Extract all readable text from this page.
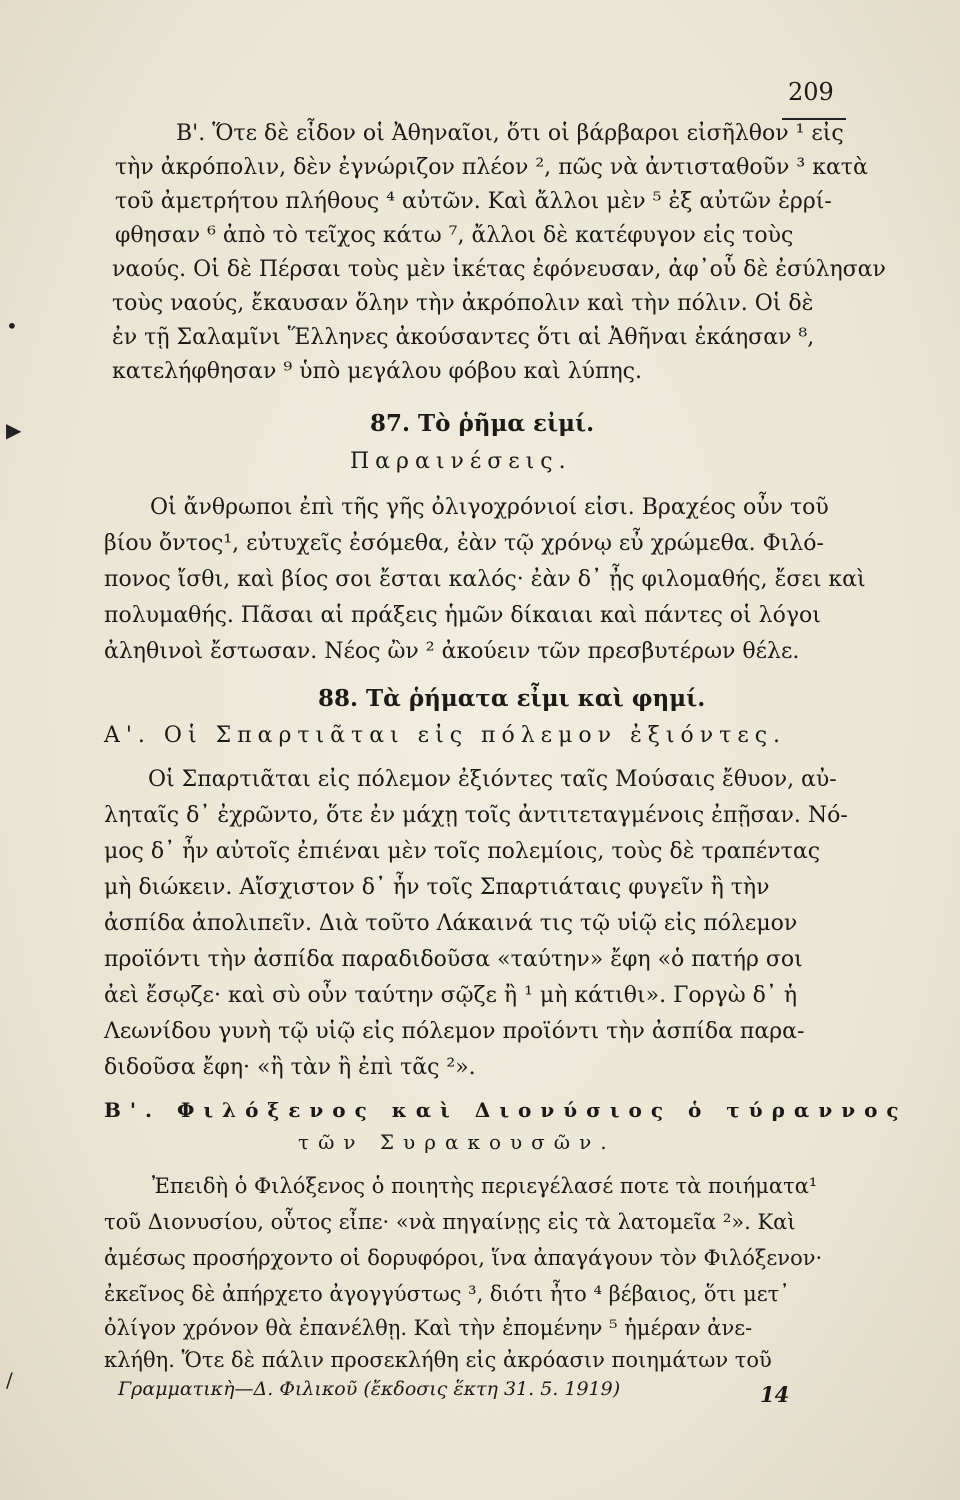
209
Β'. Ὅτε δὲ εἶδον οἱ Ἀθηναῖοι, ὅτι οἱ βάρβαροι εἰσῆλθον ¹ εἰς
τὴν ἀκρόπολιν, δὲν ἐγνώριζον πλέον ², πῶς νὰ ἀντισταθοῦν ³ κατὰ
τοῦ ἀμετρήτου πλήθους ⁴ αὐτῶν. Καὶ ἄλλοι μὲν ⁵ ἐξ αὐτῶν ἐρρί-
φθησαν ⁶ ἀπὸ τὸ τεῖχος κάτω ⁷, ἄλλοι δὲ κατέφυγον εἰς τοὺς
ναούς. Οἱ δὲ Πέρσαι τοὺς μὲν ἱκέτας ἐφόνευσαν, ἀφ᾽οὗ δὲ ἐσύλησαν
τοὺς ναούς, ἔκαυσαν ὅλην τὴν ἀκρόπολιν καὶ τὴν πόλιν. Οἱ δὲ
ἐν τῇ Σαλαμῖνι Ἕλληνες ἀκούσαντες ὅτι αἱ Ἀθῆναι ἐκάησαν ⁸,
κατελήφθησαν ⁹ ὑπὸ μεγάλου φόβου καὶ λύπης.
87. Τὸ ῥῆμα εἰμί.
Παραινέσεις.
Οἱ ἄνθρωποι ἐπὶ τῆς γῆς ὀλιγοχρόνιοί εἰσι. Βραχέος οὖν τοῦ
βίου ὄντος¹, εὐτυχεῖς ἐσόμεθα, ἐὰν τῷ χρόνῳ εὖ χρώμεθα. Φιλό-
πονος ἴσθι, καὶ βίος σοι ἔσται καλός· ἐὰν δ᾽ ᾖς φιλομαθής, ἔσει καὶ
πολυμαθής. Πᾶσαι αἱ πράξεις ἡμῶν δίκαιαι καὶ πάντες οἱ λόγοι
ἀληθινοὶ ἔστωσαν. Νέος ὢν ² ἀκούειν τῶν πρεσβυτέρων θέλε.
88. Τὰ ῥήματα εἶμι καὶ φημί.
Α'. Οἱ Σπαρτιᾶται εἰς πόλεμον ἐξιόντες.
Οἱ Σπαρτιᾶται εἰς πόλεμον ἐξιόντες ταῖς Μούσαις ἔθυον, αὐ-
ληταῖς δ᾽ ἐχρῶντο, ὅτε ἐν μάχῃ τοῖς ἀντιτεταγμένοις ἐπῇσαν. Νό-
μος δ᾽ ἦν αὐτοῖς ἐπιέναι μὲν τοῖς πολεμίοις, τοὺς δὲ τραπέντας
μὴ διώκειν. Αἴσχιστον δ᾽ ἦν τοῖς Σπαρτιάταις φυγεῖν ἢ τὴν
ἀσπίδα ἀπολιπεῖν. Διὰ τοῦτο Λάκαινά τις τῷ υἱῷ εἰς πόλεμον
προϊόντι τὴν ἀσπίδα παραδιδοῦσα «ταύτην» ἔφη «ὁ πατήρ σοι
ἀεὶ ἔσῳζε· καὶ σὺ οὖν ταύτην σῷζε ἢ ¹ μὴ κάτιθι». Γοργὼ δ᾽ ἡ
Λεωνίδου γυνὴ τῷ υἱῷ εἰς πόλεμον προϊόντι τὴν ἀσπίδα παρα-
διδοῦσα ἔφη· «ἢ τὰν ἢ ἐπὶ τᾶς ²».
Β'. Φιλόξενος καὶ Διονύσιος ὁ τύραννος
τῶν Συρακουσῶν.
Ἐπειδὴ ὁ Φιλόξενος ὁ ποιητὴς περιεγέλασέ ποτε τὰ ποιήματα¹
τοῦ Διονυσίου, οὗτος εἶπε· «νὰ πηγαίνῃς εἰς τὰ λατομεῖα ²». Καὶ
ἀμέσως προσήρχοντο οἱ δορυφόροι, ἵνα ἀπαγάγουν τὸν Φιλόξενον·
ἐκεῖνος δὲ ἀπήρχετο ἀγογγύστως ³, διότι ἦτο ⁴ βέβαιος, ὅτι μετ᾽
ὀλίγον χρόνον θὰ ἐπανέλθῃ. Καὶ τὴν ἐπομένην ⁵ ἡμέραν ἀνε-
κλήθη. Ὅτε δὲ πάλιν προσεκλήθη εἰς ἀκρόασιν ποιημάτων τοῦ
Γραμματικὴ—Δ. Φιλικοῦ (ἔκδοσις ἕκτη 31. 5. 1919)	14
•
▶
/
